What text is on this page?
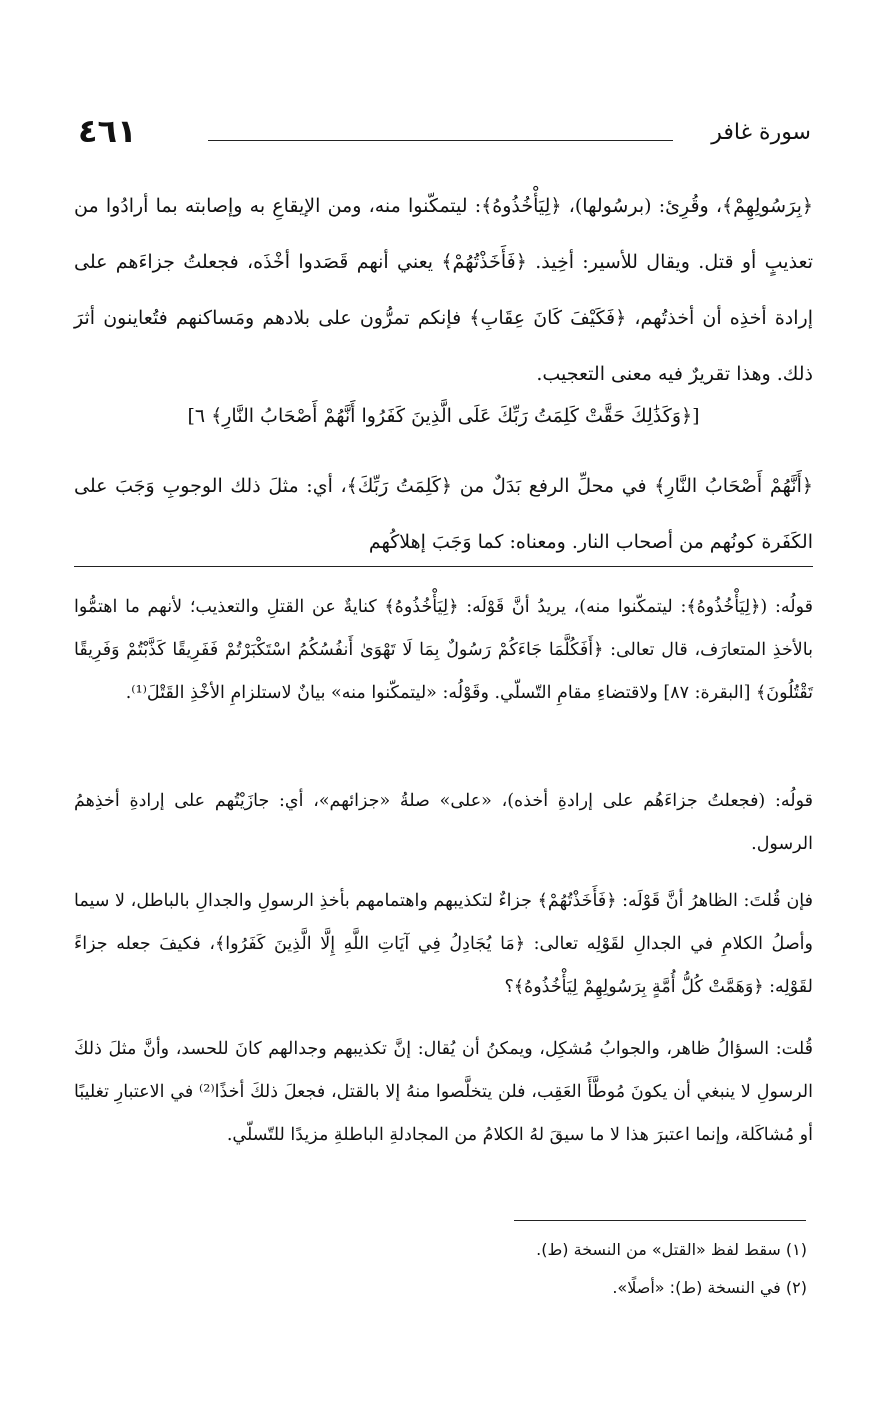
سورة غافر
٤٦١

﴿بِرَسُولِهِمْ﴾، وقُرِئ: (برسُولها)، ﴿لِيَأْخُذُوهُ﴾: ليتمكّنوا منه، ومن الإيقاعِ به وإصابته بما أرادُوا من تعذيبٍ أو قتل. ويقال للأسير: أخِيذ. ﴿فَأَخَذْتُهُمْ﴾ يعني أنهم قَصَدوا أخْذَه، فجعلتُ جزاءَهم على إرادة أخذِه أن أخذتُهم، ﴿فَكَيْفَ كَانَ عِقَابِ﴾ فإنكم تمرُّون على بلادهم ومَساكنهم فتُعاينون أثرَ ذلك. وهذا تقريرٌ فيه معنى التعجيب.

[﴿وَكَذَٰلِكَ حَقَّتْ كَلِمَتُ رَبِّكَ عَلَى الَّذِينَ كَفَرُوا أَنَّهُمْ أَصْحَابُ النَّارِ﴾ ٦]

﴿أَنَّهُمْ أَصْحَابُ النَّارِ﴾ في محلِّ الرفع بَدَلٌ من ﴿كَلِمَتُ رَبِّكَ﴾، أي: مثلَ ذلك الوجوبِ وَجَبَ على الكَفَرة كونُهم من أصحاب النار. ومعناه: كما وَجَبَ إهلاكُهم

قولُه: (﴿لِيَأْخُذُوهُ﴾: ليتمكّنوا منه)، يريدُ أنَّ قَوْلَه: ﴿لِيَأْخُذُوهُ﴾ كنايةٌ عن القتلِ والتعذيب؛ لأنهم ما اهتمُّوا بالأخذِ المتعارَف، قال تعالى: ﴿أَفَكُلَّمَا جَاءَكُمْ رَسُولٌ بِمَا لَا تَهْوَىٰ أَنفُسُكُمُ اسْتَكْبَرْتُمْ فَفَرِيقًا كَذَّبْتُمْ وَفَرِيقًا تَقْتُلُونَ﴾ [البقرة: ٨٧] ولاقتضاءِ مقامِ التّسلّي. وقَوْلُه: «ليتمكّنوا منه» بيانٌ لاستلزامِ الأخْذِ القَتْلَ⁽¹⁾.

قولُه: (فجعلتُ جزاءَهُم على إرادةِ أخذه)، «على» صلةُ «جزائهم»، أي: جازَيْتُهم على إرادةِ أخذِهمُ الرسول.

فإن قُلتَ: الظاهرُ أنَّ قَوْلَه: ﴿فَأَخَذْتُهُمْ﴾ جزاءٌ لتكذيبهم واهتمامهم بأخذِ الرسولِ والجدالِ بالباطل، لا سيما وأصلُ الكلامِ في الجدالِ لقَوْلِه تعالى: ﴿مَا يُجَادِلُ فِي آيَاتِ اللَّهِ إِلَّا الَّذِينَ كَفَرُوا﴾، فكيفَ جعله جزاءً لقَوْلِه: ﴿وَهَمَّتْ كُلُّ أُمَّةٍ بِرَسُولِهِمْ لِيَأْخُذُوهُ﴾؟

قُلت: السؤالُ ظاهر، والجوابُ مُشكِل، ويمكنُ أن يُقال: إنَّ تكذيبهم وجدالهم كانَ للحسد، وأنَّ مثلَ ذلكَ الرسولِ لا ينبغي أن يكونَ مُوطَّأَ العَقِب، فلن يتخلَّصوا منهُ إلا بالقتل، فجعلَ ذلكَ أخذًا⁽²⁾ في الاعتبارِ تغليبًا أو مُشاكَلة، وإنما اعتبرَ هذا لا ما سيقَ لهُ الكلامُ من المجادلةِ الباطلةِ مزيدًا للتّسلّي.

(١) سقط لفظ «القتل» من النسخة (ط).
(٢) في النسخة (ط): «أصلًا».
